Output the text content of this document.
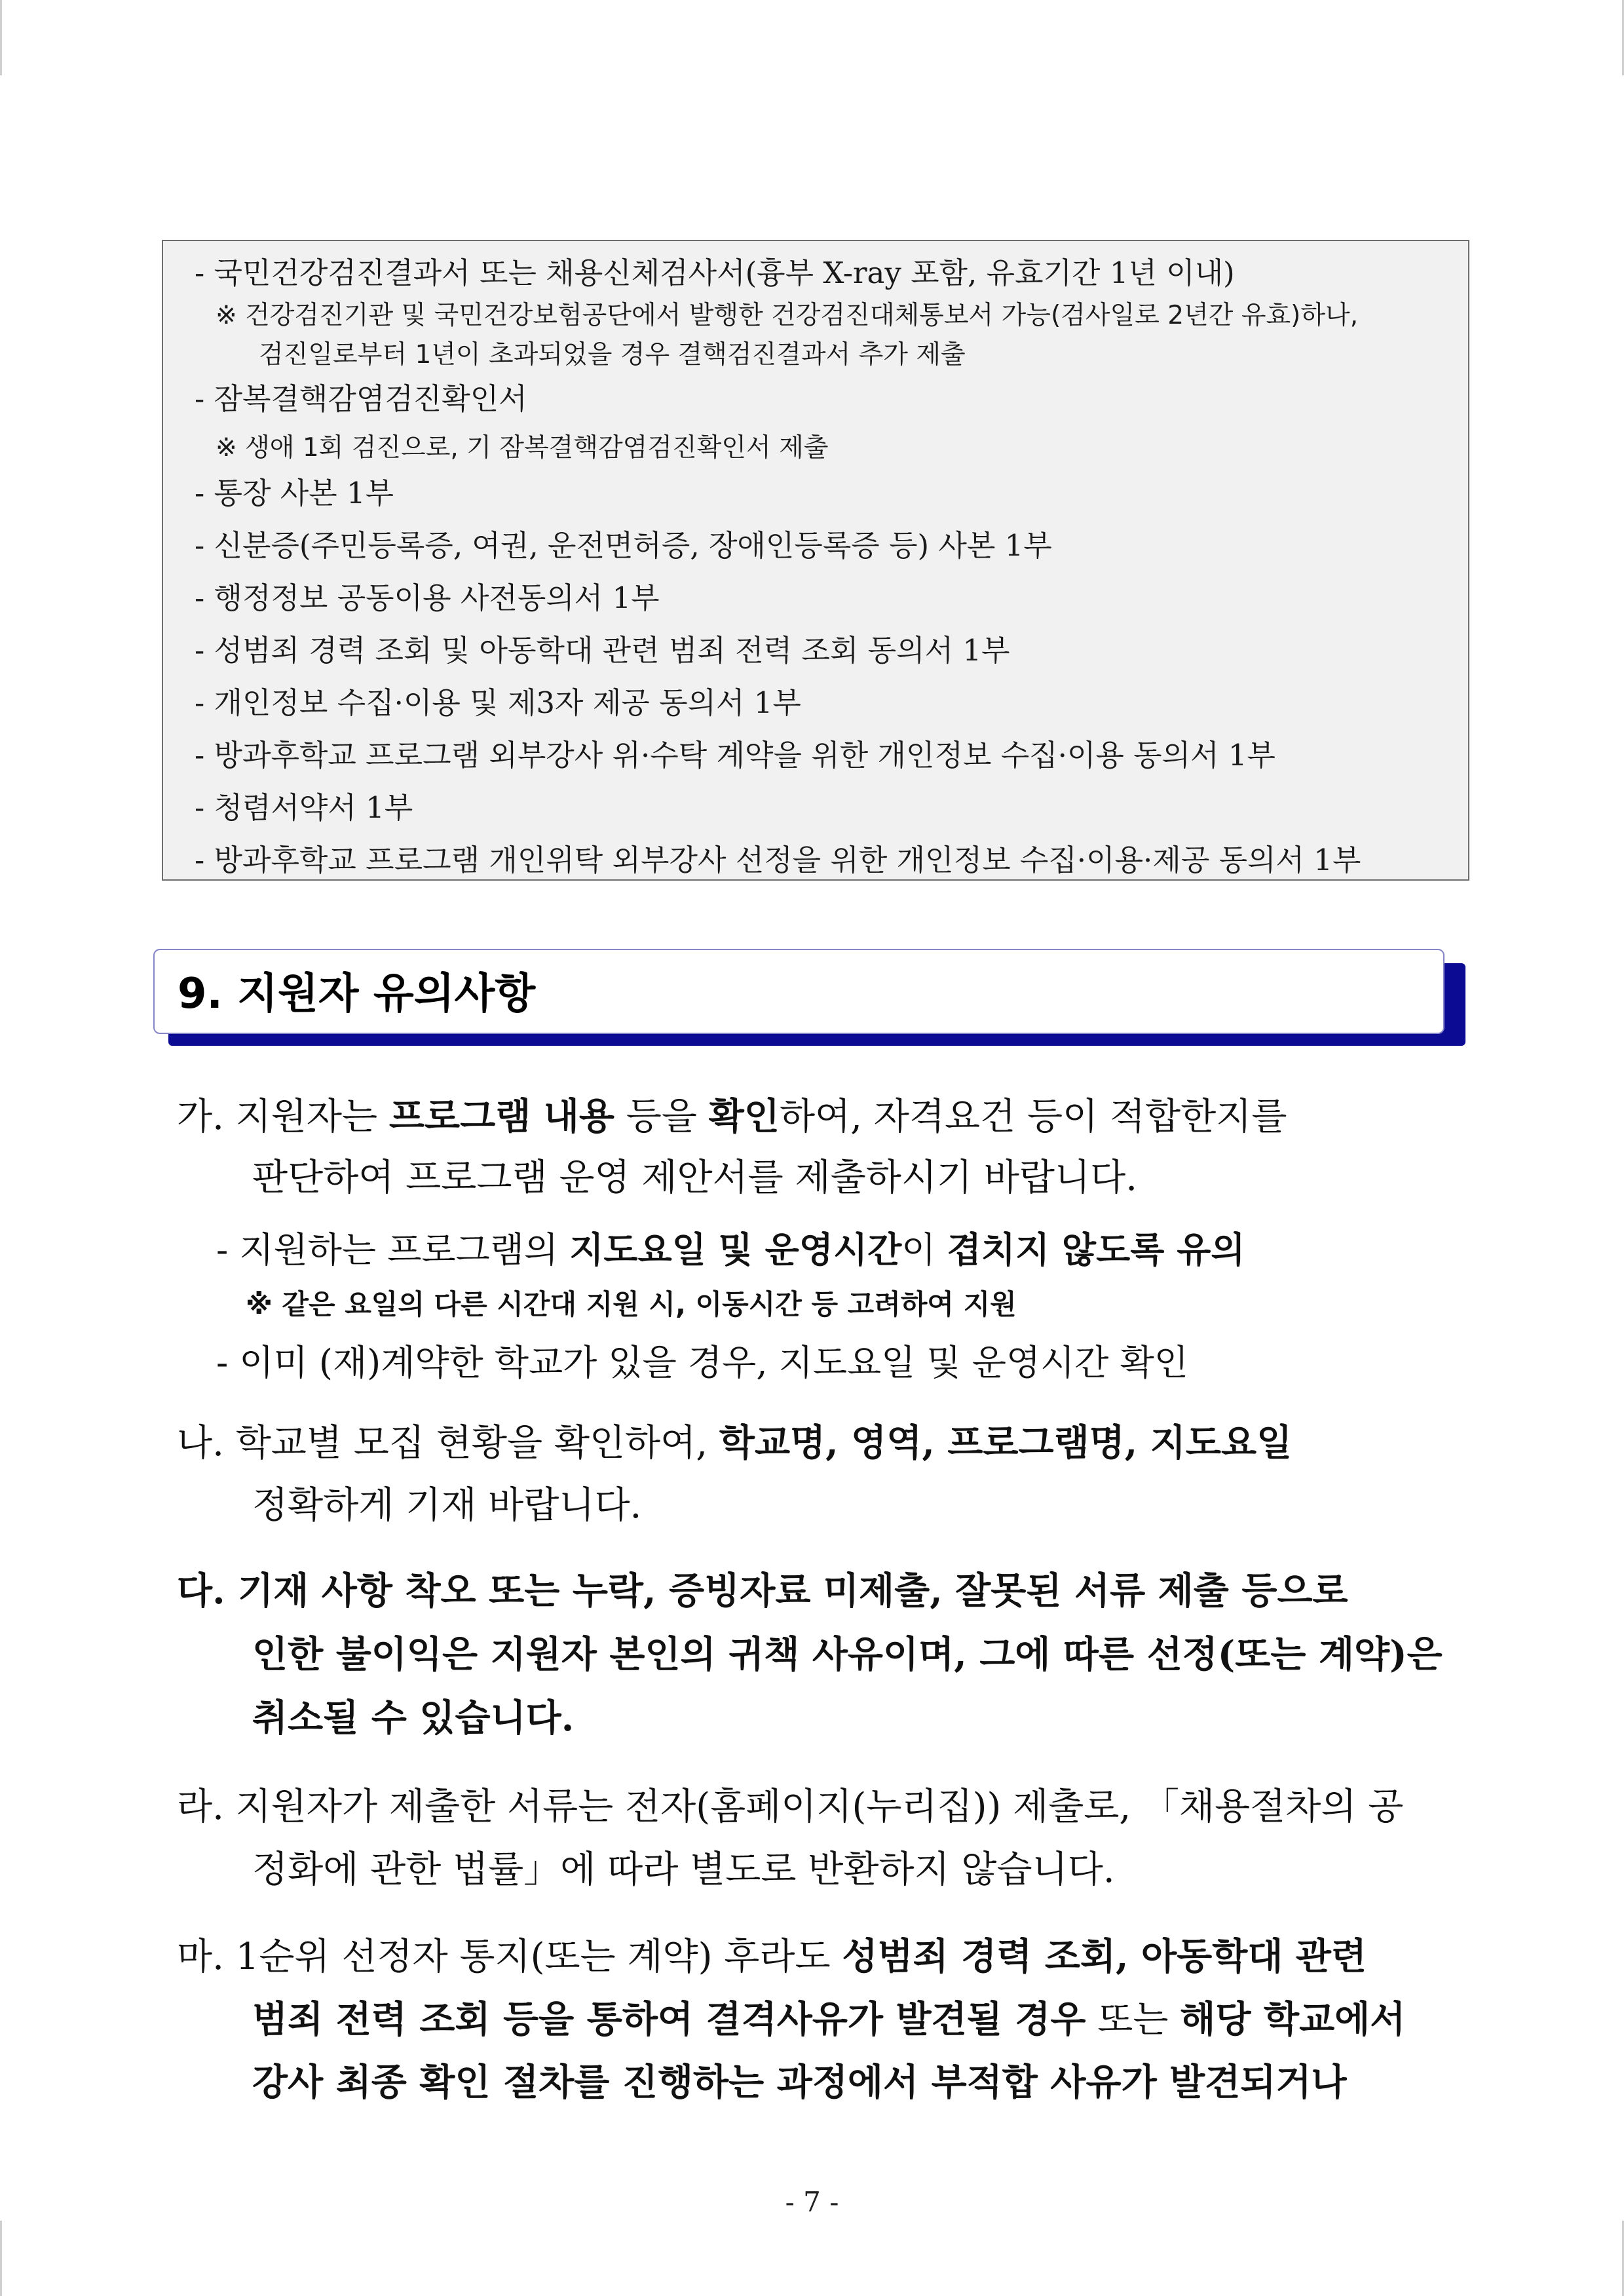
- 국민건강검진결과서 또는 채용신체검사서(흉부 X-ray 포함, 유효기간 1년 이내)
※ 건강검진기관 및 국민건강보험공단에서 발행한 건강검진대체통보서 가능(검사일로 2년간 유효)하나,
검진일로부터 1년이 초과되었을 경우 결핵검진결과서 추가 제출
- 잠복결핵감염검진확인서
※ 생애 1회 검진으로, 기 잠복결핵감염검진확인서 제출
- 통장 사본 1부
- 신분증(주민등록증, 여권, 운전면허증, 장애인등록증 등) 사본 1부
- 행정정보 공동이용 사전동의서 1부
- 성범죄 경력 조회 및 아동학대 관련 범죄 전력 조회 동의서 1부
- 개인정보 수집·이용 및 제3자 제공 동의서 1부
- 방과후학교 프로그램 외부강사 위·수탁 계약을 위한 개인정보 수집·이용 동의서 1부
- 청렴서약서 1부
- 방과후학교 프로그램 개인위탁 외부강사 선정을 위한 개인정보 수집·이용·제공 동의서 1부
9. 지원자 유의사항
가. 지원자는 프로그램 내용 등을 확인하여, 자격요건 등이 적합한지를
판단하여 프로그램 운영 제안서를 제출하시기 바랍니다.
- 지원하는 프로그램의 지도요일 및 운영시간이 겹치지 않도록 유의
※ 같은 요일의 다른 시간대 지원 시, 이동시간 등 고려하여 지원
- 이미 (재)계약한 학교가 있을 경우, 지도요일 및 운영시간 확인
나. 학교별 모집 현황을 확인하여, 학교명, 영역, 프로그램명, 지도요일
정확하게 기재 바랍니다.
다. 기재 사항 착오 또는 누락, 증빙자료 미제출, 잘못된 서류 제출 등으로
인한 불이익은 지원자 본인의 귀책 사유이며, 그에 따른 선정(또는 계약)은
취소될 수 있습니다.
라. 지원자가 제출한 서류는 전자(홈페이지(누리집)) 제출로, 「채용절차의 공
정화에 관한 법률」에 따라 별도로 반환하지 않습니다.
마. 1순위 선정자 통지(또는 계약) 후라도 성범죄 경력 조회, 아동학대 관련
범죄 전력 조회 등을 통하여 결격사유가 발견될 경우 또는 해당 학교에서
강사 최종 확인 절차를 진행하는 과정에서 부적합 사유가 발견되거나
- 7 -
